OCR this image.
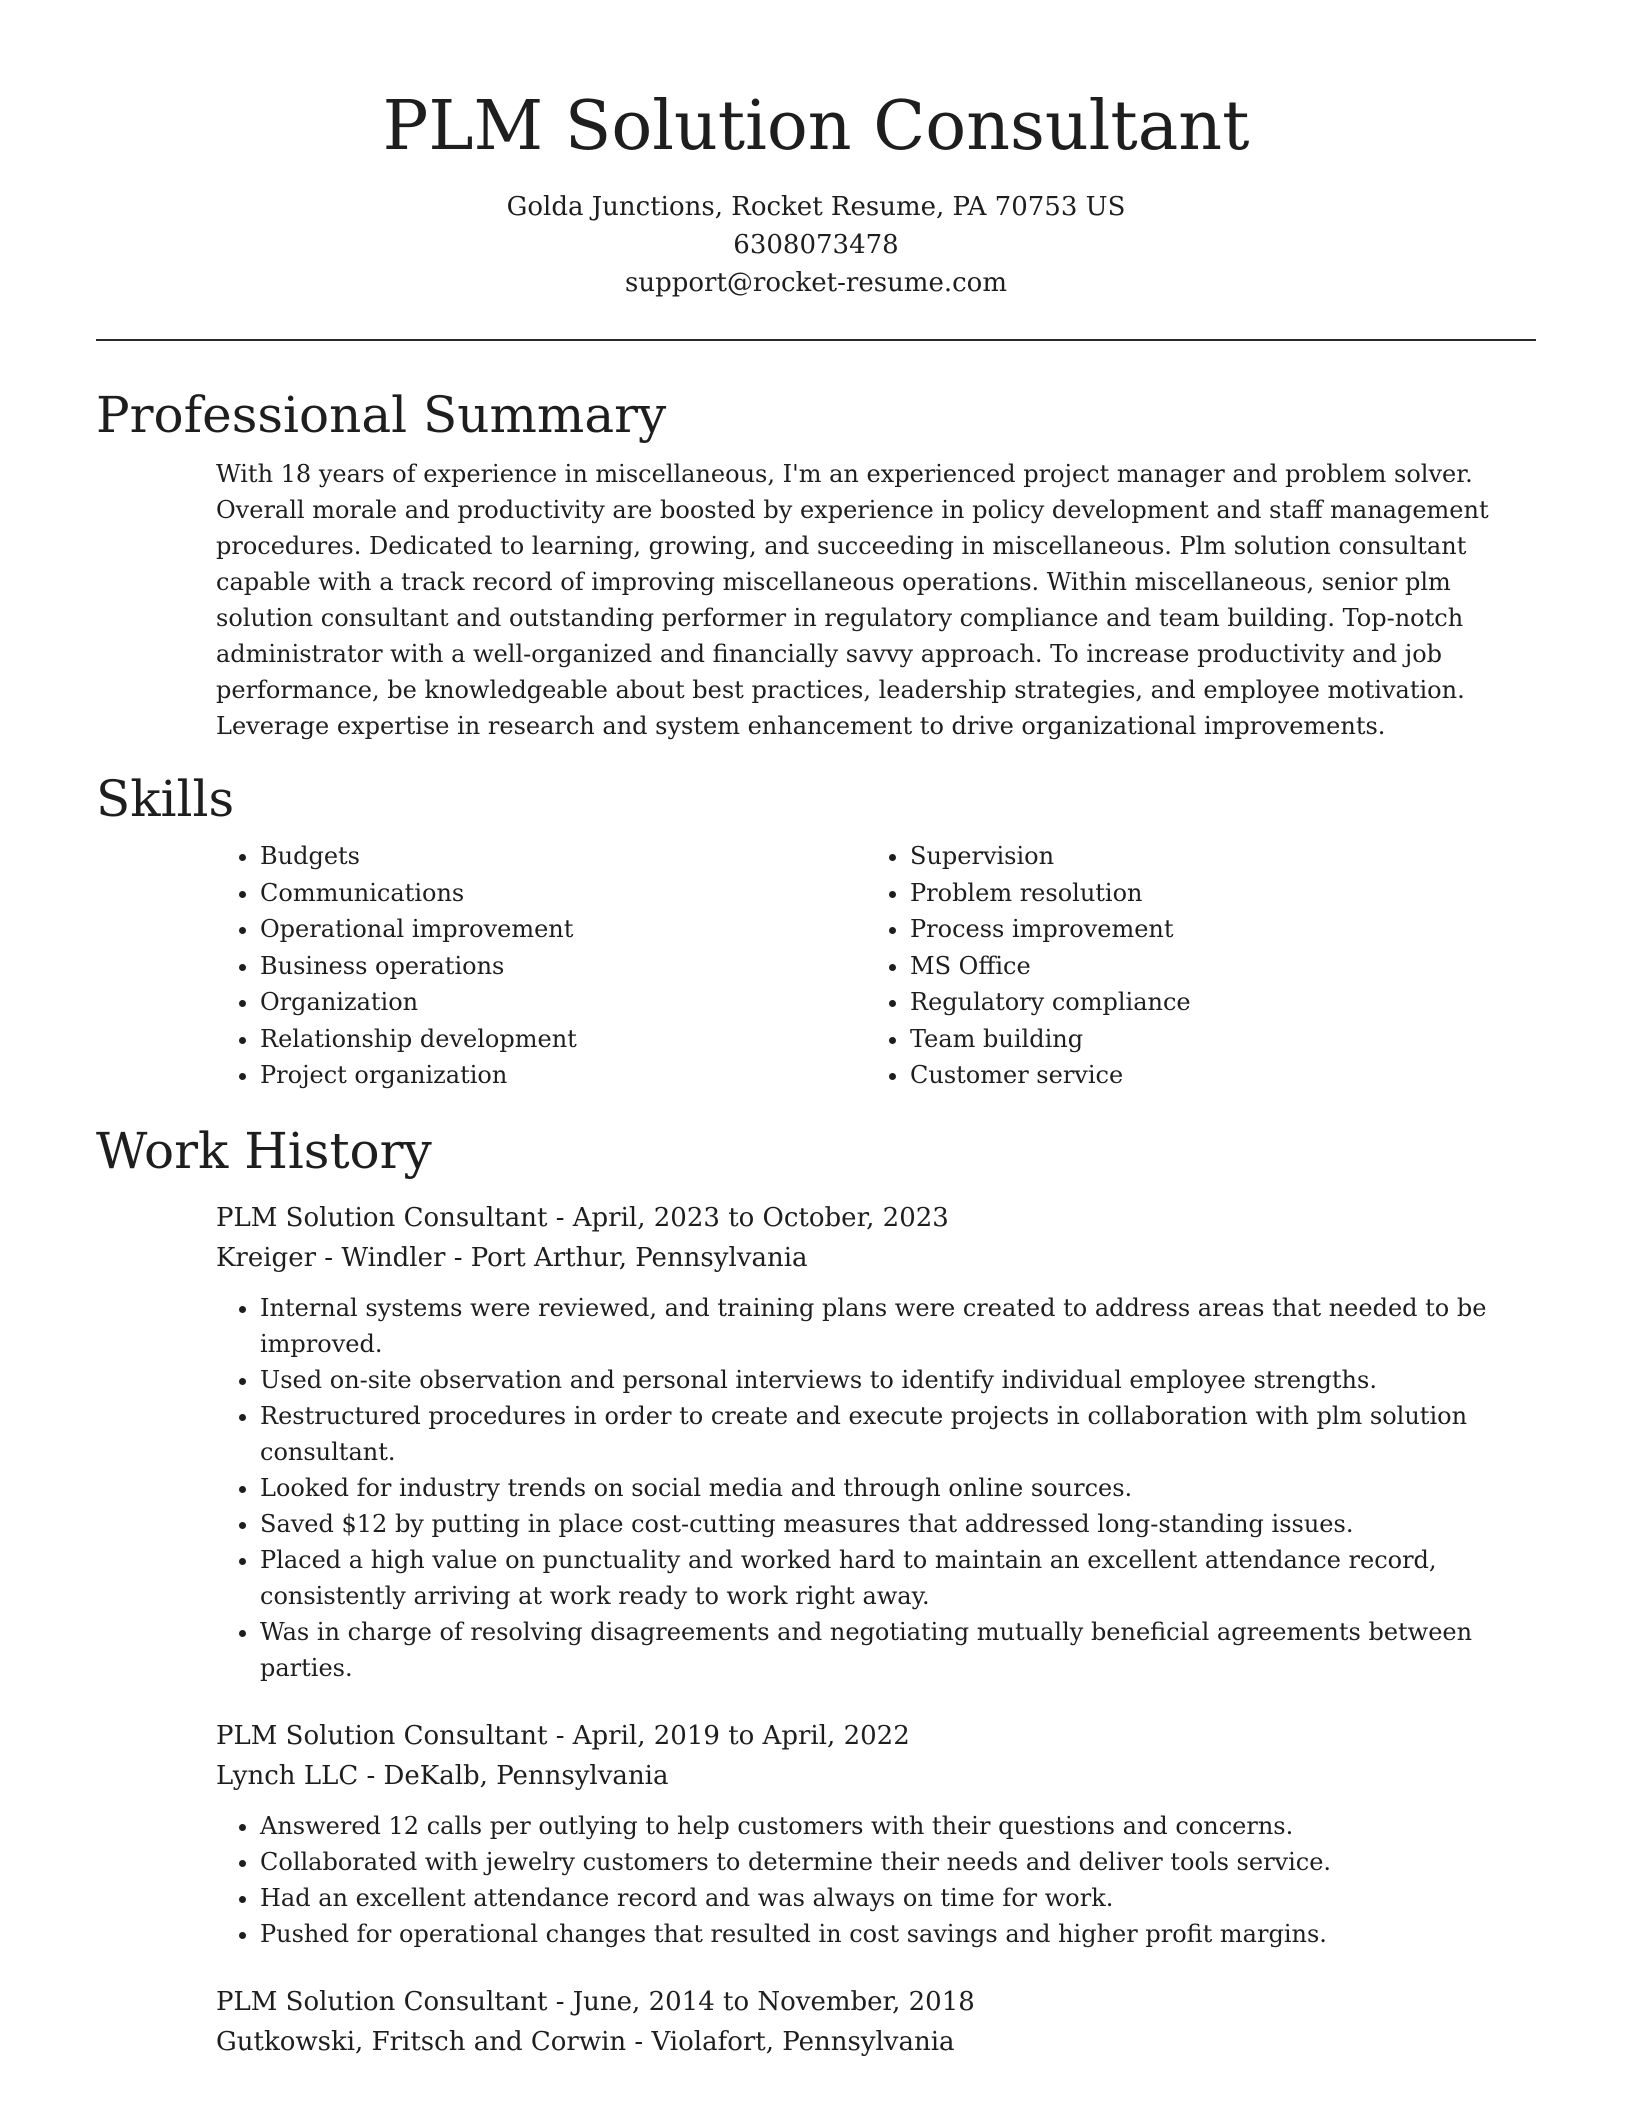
PLM Solution Consultant
Golda Junctions, Rocket Resume, PA 70753 US
6308073478
support@rocket-resume.com
Professional Summary
With 18 years of experience in miscellaneous, I'm an experienced project manager and problem solver. Overall morale and productivity are boosted by experience in policy development and staff management procedures. Dedicated to learning, growing, and succeeding in miscellaneous. Plm solution consultant capable with a track record of improving miscellaneous operations. Within miscellaneous, senior plm solution consultant and outstanding performer in regulatory compliance and team building. Top-notch administrator with a well-organized and financially savvy approach. To increase productivity and job performance, be knowledgeable about best practices, leadership strategies, and employee motivation. Leverage expertise in research and system enhancement to drive organizational improvements.
Skills
• Budgets
• Communications
• Operational improvement
• Business operations
• Organization
• Relationship development
• Project organization
• Supervision
• Problem resolution
• Process improvement
• MS Office
• Regulatory compliance
• Team building
• Customer service
Work History
PLM Solution Consultant - April, 2023 to October, 2023
Kreiger - Windler - Port Arthur, Pennsylvania
• Internal systems were reviewed, and training plans were created to address areas that needed to be improved.
• Used on-site observation and personal interviews to identify individual employee strengths.
• Restructured procedures in order to create and execute projects in collaboration with plm solution consultant.
• Looked for industry trends on social media and through online sources.
• Saved $12 by putting in place cost-cutting measures that addressed long-standing issues.
• Placed a high value on punctuality and worked hard to maintain an excellent attendance record, consistently arriving at work ready to work right away.
• Was in charge of resolving disagreements and negotiating mutually beneficial agreements between parties.
PLM Solution Consultant - April, 2019 to April, 2022
Lynch LLC - DeKalb, Pennsylvania
• Answered 12 calls per outlying to help customers with their questions and concerns.
• Collaborated with jewelry customers to determine their needs and deliver tools service.
• Had an excellent attendance record and was always on time for work.
• Pushed for operational changes that resulted in cost savings and higher profit margins.
PLM Solution Consultant - June, 2014 to November, 2018
Gutkowski, Fritsch and Corwin - Violafort, Pennsylvania
